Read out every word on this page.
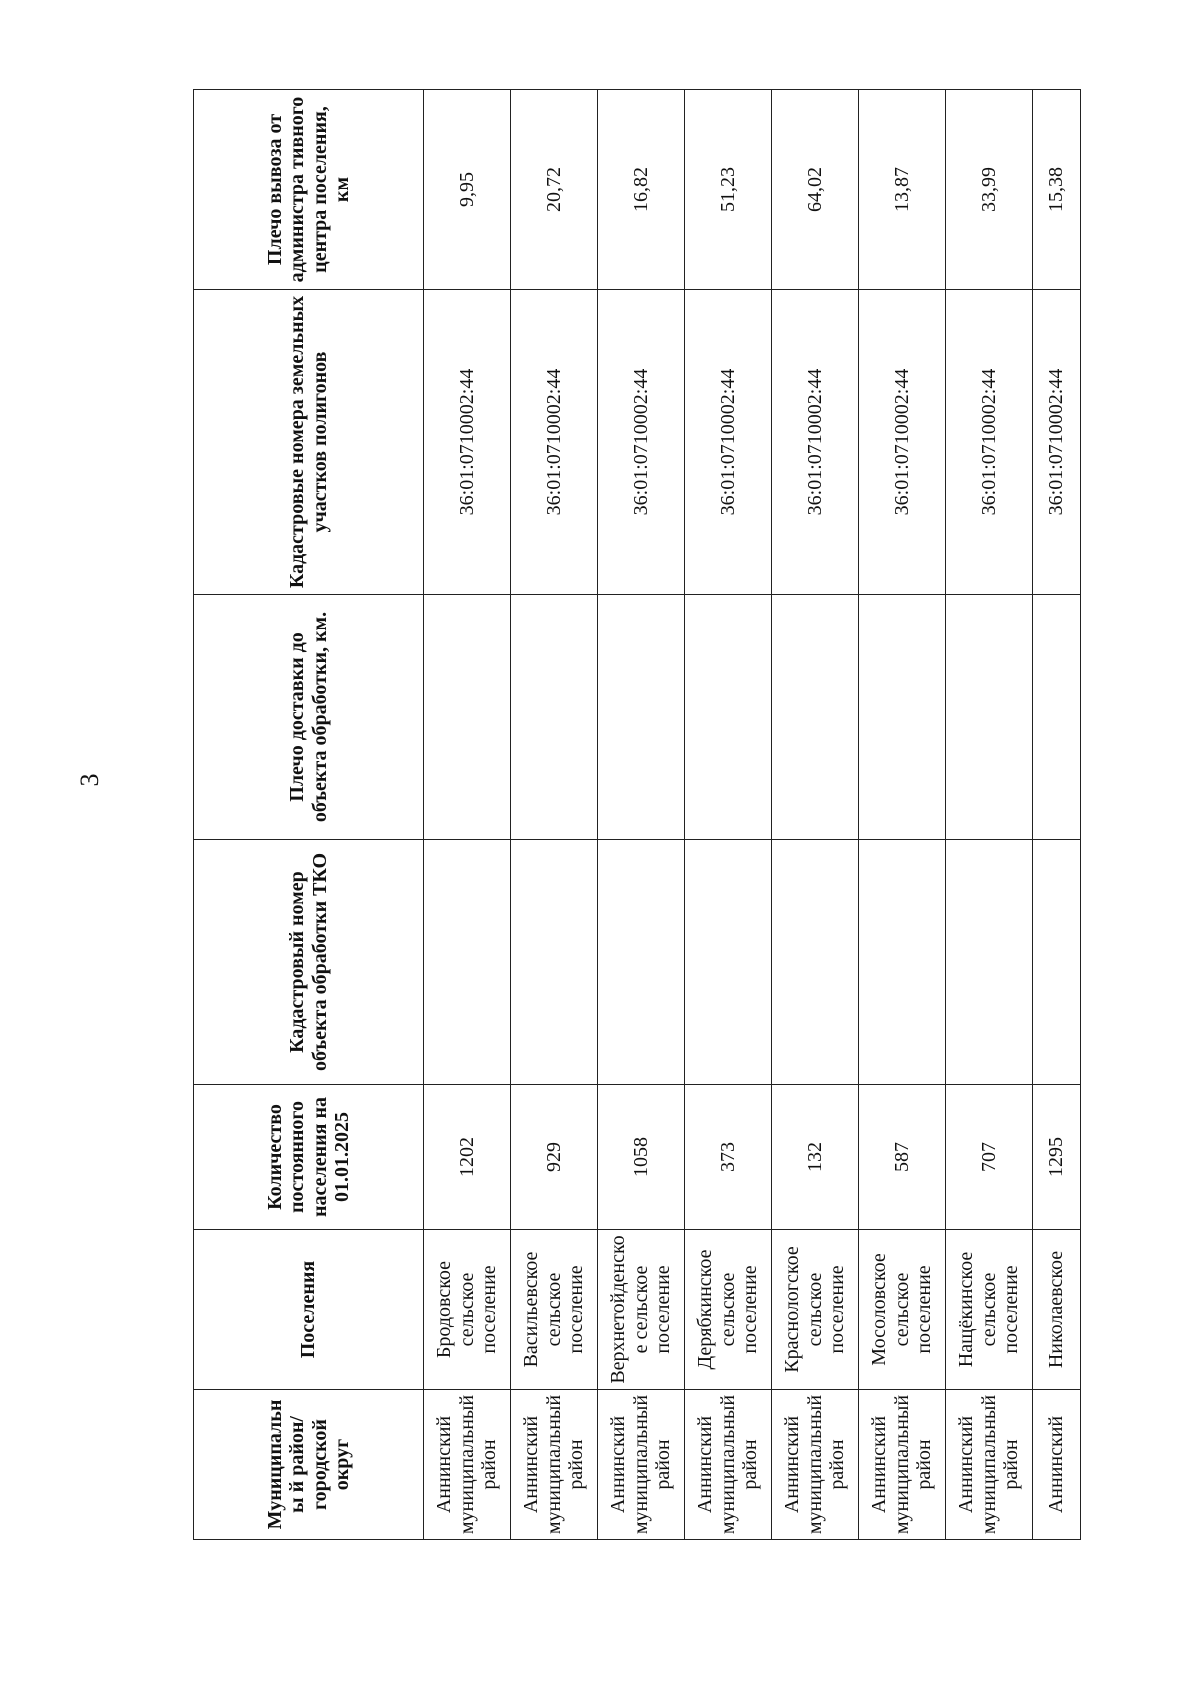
3
Муниципальны й район/ городской округ	Поселения	Количество постоянного населения на 01.01.2025	Кадастровый номер объекта обработки ТКО	Плечо доставки до объекта обработки, км.	Кадастровые номера земельных участков полигонов	Плечо вывоза от администра тивного центра поселения, км
Аннинский муниципальный район	Бродовское сельское поселение	1202			36:01:0710002:44	9,95
Аннинский муниципальный район	Васильевское сельское поселение	929			36:01:0710002:44	20,72
Аннинский муниципальный район	Верхнетойденское сельское поселение	1058			36:01:0710002:44	16,82
Аннинский муниципальный район	Дерябкинское сельское поселение	373			36:01:0710002:44	51,23
Аннинский муниципальный район	Краснологское сельское поселение	132			36:01:0710002:44	64,02
Аннинский муниципальный район	Мосоловское сельское поселение	587			36:01:0710002:44	13,87
Аннинский муниципальный район	Нащёкинское сельское поселение	707			36:01:0710002:44	33,99
Аннинский	Николаевское	1295			36:01:0710002:44	15,38
